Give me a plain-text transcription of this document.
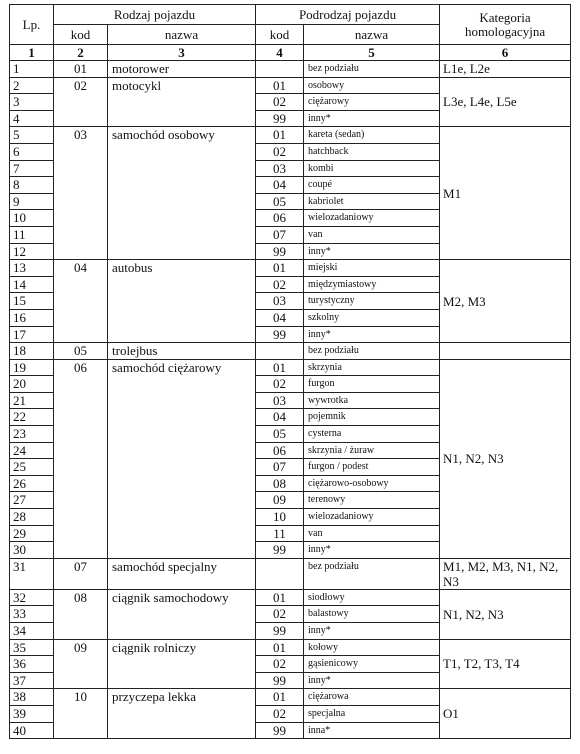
Lp.	Rodzaj pojazdu		Podrodzaj pojazdu		Kategoria homologacyjna
	kod	nazwa	kod	nazwa	
1	2	3	4	5	6
1	01	motorower		bez podziału	L1e, L2e
2	02	motocykl	01	osobowy	L3e, L4e, L5e
3			02	ciężarowy	
4			99	inny*	
5	03	samochód osobowy	01	kareta (sedan)	M1
6			02	hatchback	
7			03	kombi	
8			04	coupé	
9			05	kabriolet	
10			06	wielozadaniowy	
11			07	van	
12			99	inny*	
13	04	autobus	01	miejski	M2, M3
14			02	międzymiastowy	
15			03	turystyczny	
16			04	szkolny	
17			99	inny*	
18	05	trolejbus		bez podziału	
19	06	samochód ciężarowy	01	skrzynia	N1, N2, N3
20			02	furgon	
21			03	wywrotka	
22			04	pojemnik	
23			05	cysterna	
24			06	skrzynia / żuraw	
25			07	furgon / podest	
26			08	ciężarowo-osobowy	
27			09	terenowy	
28			10	wielozadaniowy	
29			11	van	
30			99	inny*	
31	07	samochód specjalny		bez podziału	M1, M2, M3, N1, N2, N3
32	08	ciągnik samochodowy	01	siodłowy	N1, N2, N3
33			02	balastowy	
34			99	inny*	
35	09	ciągnik rolniczy	01	kołowy	T1, T2, T3, T4
36			02	gąsienicowy	
37			99	inny*	
38	10	przyczepa lekka	01	ciężarowa	O1
39			02	specjalna	
40			99	inna*	
